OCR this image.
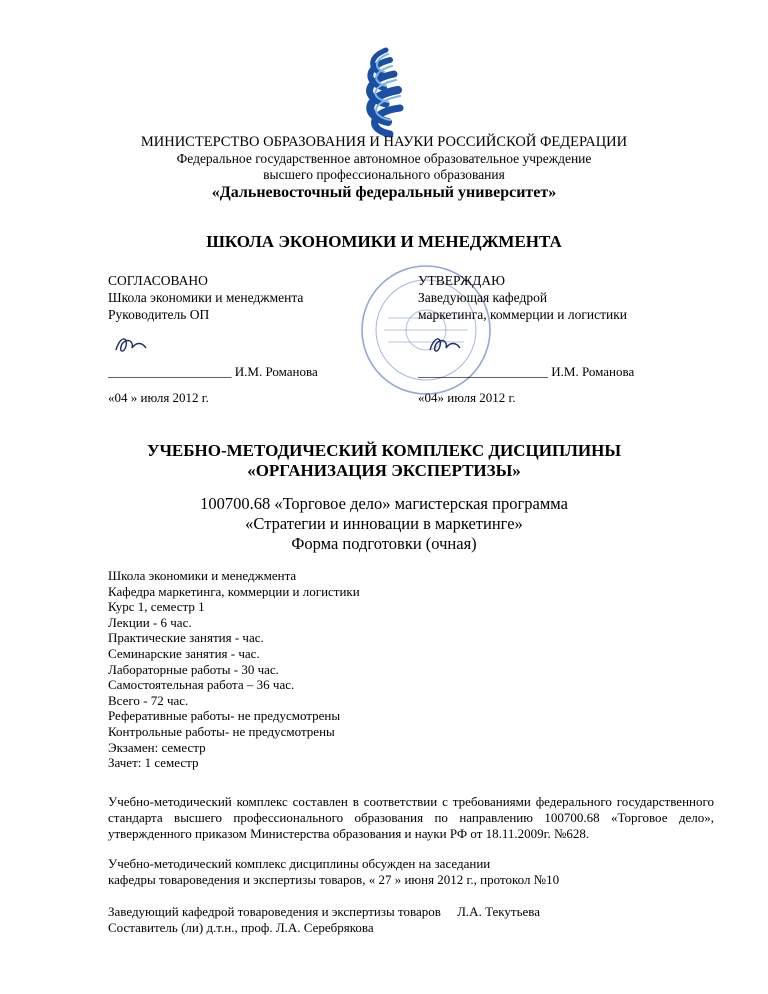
МИНИСТЕРСТВО ОБРАЗОВАНИЯ И НАУКИ РОССИЙСКОЙ ФЕДЕРАЦИИ
Федеральное государственное автономное образовательное учреждение
высшего профессионального образования
«Дальневосточный федеральный университет»
ШКОЛА ЭКОНОМИКИ И МЕНЕДЖМЕНТА
СОГЛАСОВАНО
Школа экономики и менеджмента
Руководитель ОП
___________________ И.М. Романова
«04 » июля 2012 г.
УТВЕРЖДАЮ
Заведующая кафедрой
маркетинга, коммерции и логистики
____________________ И.М. Романова
«04» июля 2012 г.
УЧЕБНО-МЕТОДИЧЕСКИЙ КОМПЛЕКС ДИСЦИПЛИНЫ
«ОРГАНИЗАЦИЯ ЭКСПЕРТИЗЫ»
100700.68 «Торговое дело» магистерская программа
«Стратегии и инновации в маркетинге»
Форма подготовки (очная)
Школа экономики и менеджмента
Кафедра маркетинга, коммерции и логистики
Курс 1, семестр 1
Лекции - 6 час.
Практические занятия - час.
Семинарские занятия - час.
Лабораторные работы - 30 час.
Самостоятельная работа – 36 час.
Всего - 72 час.
Реферативные работы- не предусмотрены
Контрольные работы- не предусмотрены
Экзамен: семестр
Зачет: 1 семестр
Учебно-методический комплекс составлен в соответствии с требованиями федерального государственного стандарта высшего профессионального образования по направлению 100700.68 «Торговое дело», утвержденного приказом Министерства образования и науки РФ от 18.11.2009г. №628.
Учебно-методический комплекс дисциплины обсужден на заседании
кафедры товароведения и экспертизы товаров, « 27 » июня 2012 г., протокол №10
Заведующий кафедрой товароведения и экспертизы товаров     Л.А. Текутьева
Составитель (ли) д.т.н., проф. Л.А. Серебрякова
